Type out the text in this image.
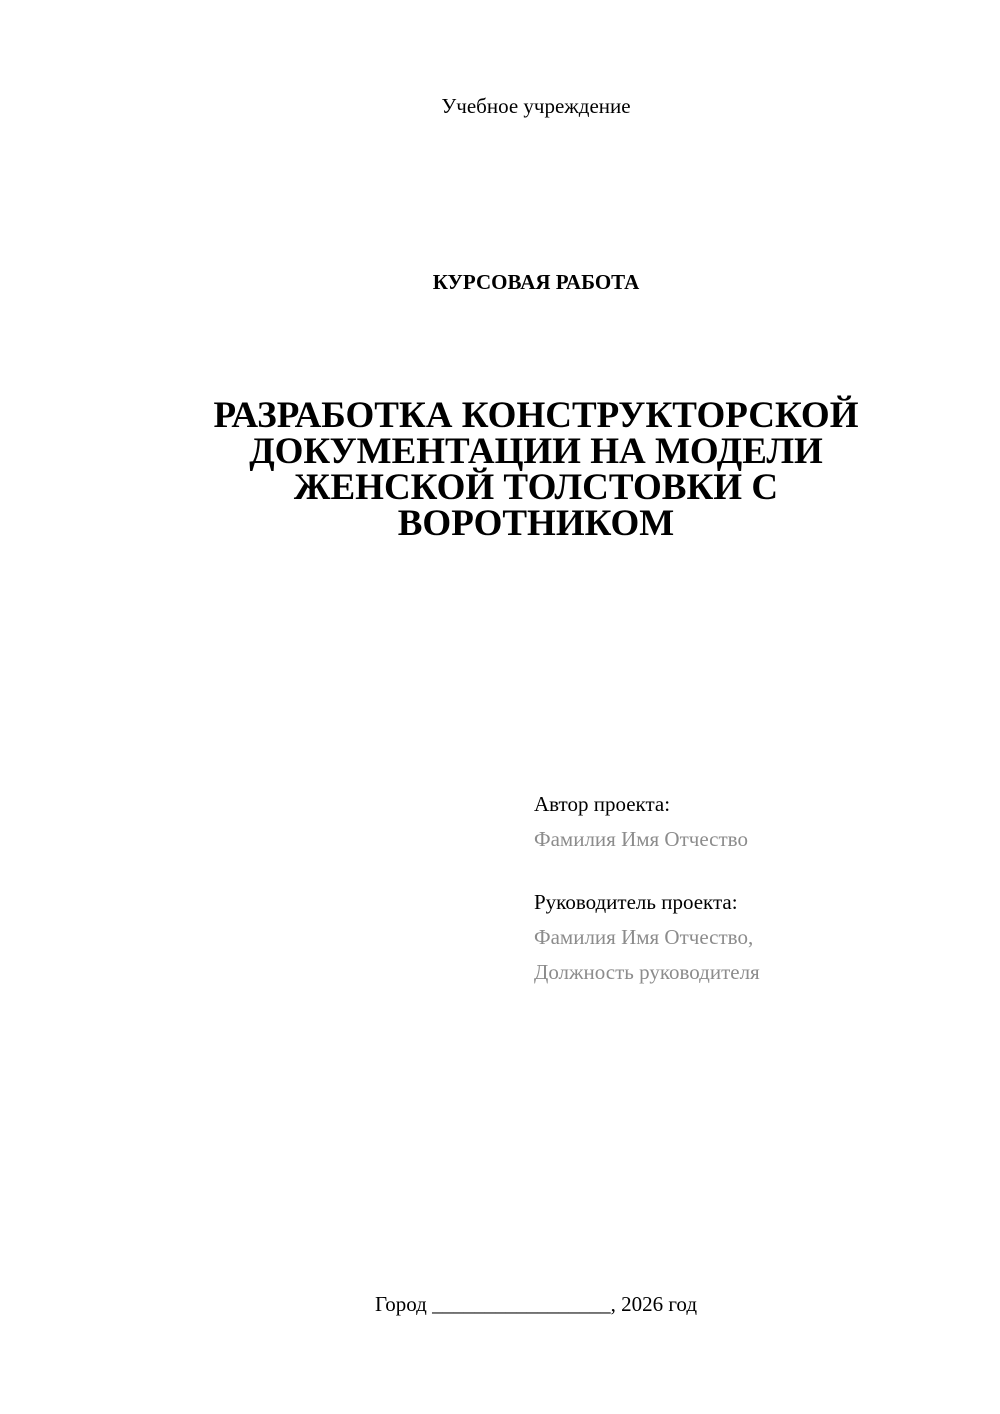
Учебное учреждение
КУРСОВАЯ РАБОТА
РАЗРАБОТКА КОНСТРУКТОРСКОЙ
ДОКУМЕНТАЦИИ НА МОДЕЛИ
ЖЕНСКОЙ ТОЛСТОВКИ С
ВОРОТНИКОМ
Автор проекта:
Фамилия Имя Отчество
Руководитель проекта:
Фамилия Имя Отчество,
Должность руководителя
Город _________________, 2026 год
